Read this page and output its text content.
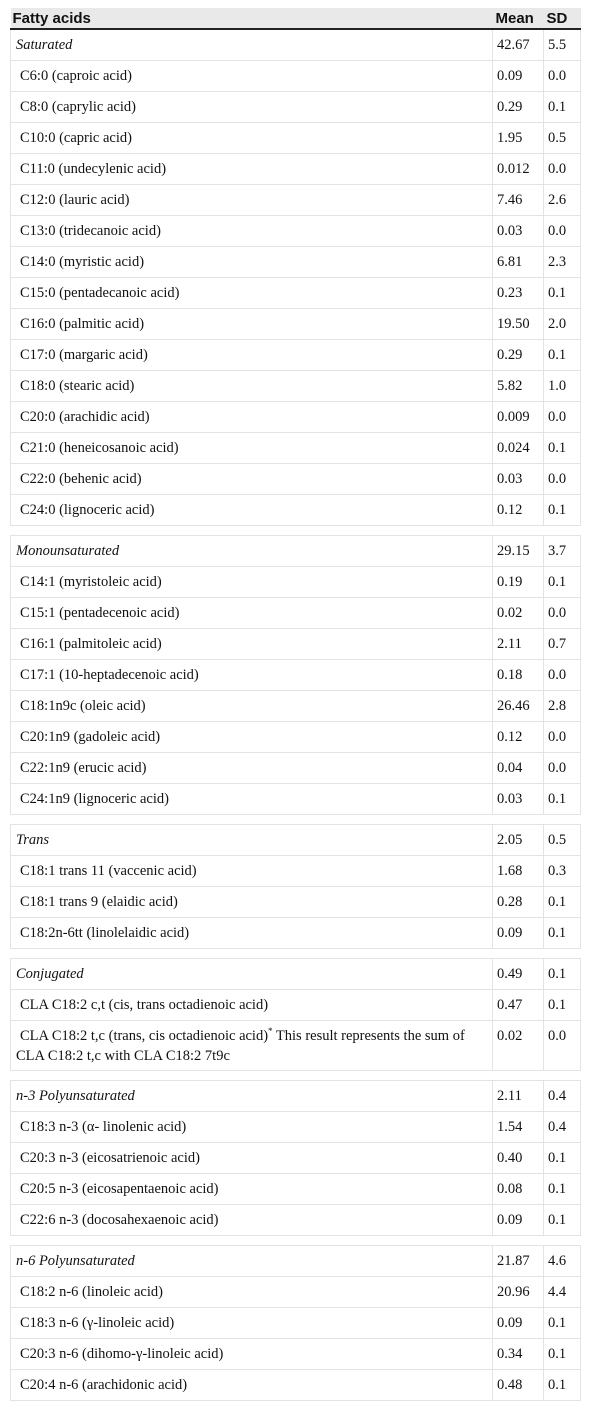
Fatty acids	Mean	SD
Saturated	42.67	5.5
C6:0 (caproic acid)	0.09	0.0
C8:0 (caprylic acid)	0.29	0.1
C10:0 (capric acid)	1.95	0.5
C11:0 (undecylenic acid)	0.012	0.0
C12:0 (lauric acid)	7.46	2.6
C13:0 (tridecanoic acid)	0.03	0.0
C14:0 (myristic acid)	6.81	2.3
C15:0 (pentadecanoic acid)	0.23	0.1
C16:0 (palmitic acid)	19.50	2.0
C17:0 (margaric acid)	0.29	0.1
C18:0 (stearic acid)	5.82	1.0
C20:0 (arachidic acid)	0.009	0.0
C21:0 (heneicosanoic acid)	0.024	0.1
C22:0 (behenic acid)	0.03	0.0
C24:0 (lignoceric acid)	0.12	0.1

Monounsaturated	29.15	3.7
C14:1 (myristoleic acid)	0.19	0.1
C15:1 (pentadecenoic acid)	0.02	0.0
C16:1 (palmitoleic acid)	2.11	0.7
C17:1 (10-heptadecenoic acid)	0.18	0.0
C18:1n9c (oleic acid)	26.46	2.8
C20:1n9 (gadoleic acid)	0.12	0.0
C22:1n9 (erucic acid)	0.04	0.0
C24:1n9 (lignoceric acid)	0.03	0.1

Trans	2.05	0.5
C18:1 trans 11 (vaccenic acid)	1.68	0.3
C18:1 trans 9 (elaidic acid)	0.28	0.1
C18:2n-6tt (linolelaidic acid)	0.09	0.1

Conjugated	0.49	0.1
CLA C18:2 c,t (cis, trans octadienoic acid)	0.47	0.1
CLA C18:2 t,c (trans, cis octadienoic acid)* This result represents the sum of CLA C18:2 t,c with CLA C18:2 7t9c	0.02	0.0

n-3 Polyunsaturated	2.11	0.4
C18:3 n-3 (α- linolenic acid)	1.54	0.4
C20:3 n-3 (eicosatrienoic acid)	0.40	0.1
C20:5 n-3 (eicosapentaenoic acid)	0.08	0.1
C22:6 n-3 (docosahexaenoic acid)	0.09	0.1

n-6 Polyunsaturated	21.87	4.6
C18:2 n-6 (linoleic acid)	20.96	4.4
C18:3 n-6 (γ-linoleic acid)	0.09	0.1
C20:3 n-6 (dihomo-γ-linoleic acid)	0.34	0.1
C20:4 n-6 (arachidonic acid)	0.48	0.1
